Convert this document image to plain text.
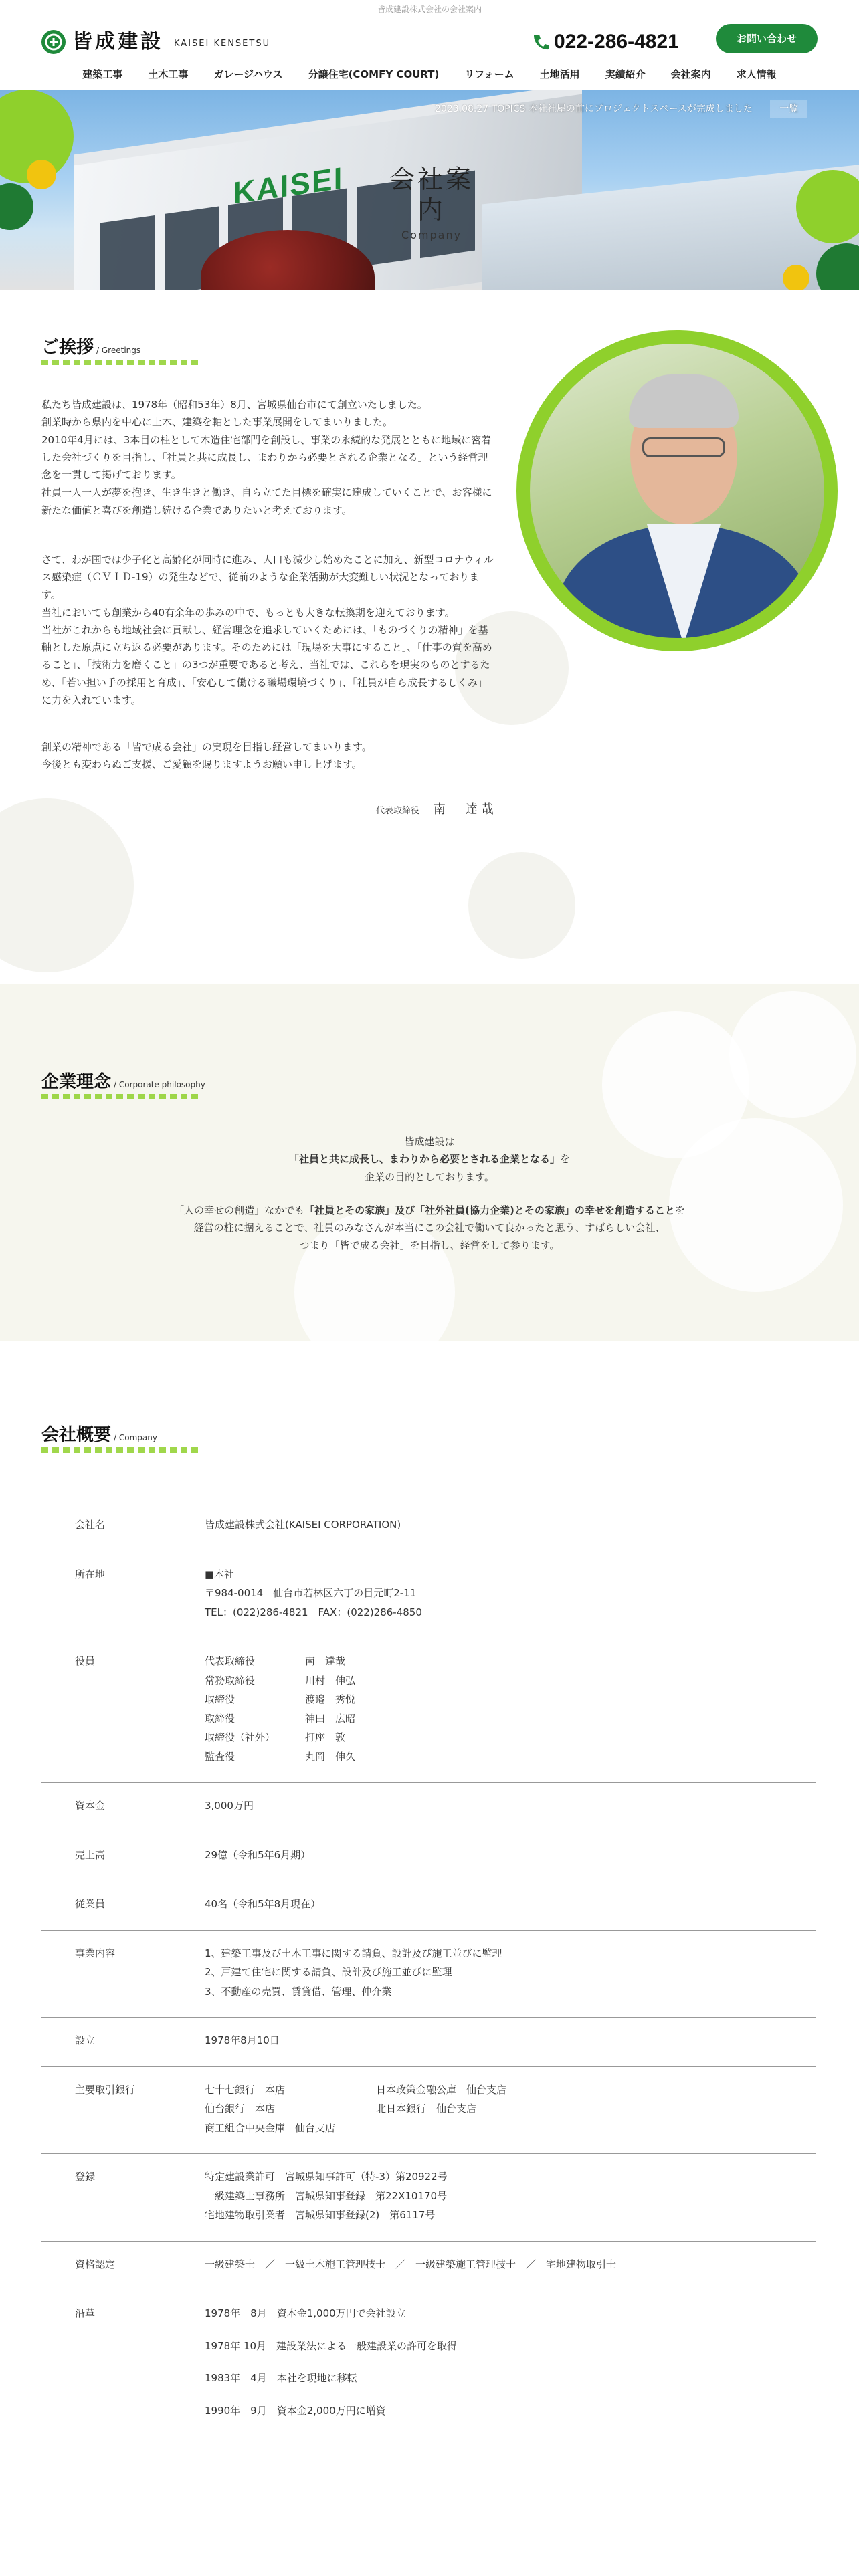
皆成建設株式会社の会社案内
皆成建設 KAISEI KENSETSU	022-286-4821	お問い合わせ
建築工事	土木工事	ガレージハウス	分譲住宅(COMFY COURT)	リフォーム	土地活用	実績紹介	会社案内	求人情報
KAISEI
2023.08.27 TOPICS 本社社屋の前にプロジェクトスペースが完成しました	一覧
会社案内
Company
ご挨拶 / Greetings

私たち皆成建設は、1978年（昭和53年）8月、宮城県仙台市にて創立いたしました。
創業時から県内を中心に土木、建築を軸とした事業展開をしてまいりました。
2010年4月には、3本目の柱として木造住宅部門を創設し、事業の永続的な発展とともに地域に密着した会社づくりを目指し、「社員と共に成長し、まわりから必要とされる企業となる」という経営理念を一貫して掲げております。
社員一人一人が夢を抱き、生き生きと働き、自ら立てた目標を確実に達成していくことで、お客様に新たな価値と喜びを創造し続ける企業でありたいと考えております。

さて、わが国では少子化と高齢化が同時に進み、人口も減少し始めたことに加え、新型コロナウィルス感染症（ＣＶＩＤ-19）の発生などで、従前のような企業活動が大変難しい状況となっております。
当社においても創業から40有余年の歩みの中で、もっとも大きな転換期を迎えております。
当社がこれからも地域社会に貢献し、経営理念を追求していくためには、「ものづくりの精神」を基軸とした原点に立ち返る必要があります。そのためには「現場を大事にすること」、「仕事の質を高めること」、「技術力を磨くこと」の3つが重要であると考え、当社では、これらを現実のものとするため、「若い担い手の採用と育成」、「安心して働ける職場環境づくり」、「社員が自ら成長するしくみ」に力を入れています。

創業の精神である「皆で成る会社」の実現を目指し経営してまいります。
今後とも変わらぬご支援、ご愛顧を賜りますようお願い申し上げます。

代表取締役 南　達哉
企業理念 / Corporate philosophy

皆成建設は
「社員と共に成長し、まわりから必要とされる企業となる」を
企業の目的としております。

「人の幸せの創造」なかでも「社員とその家族」及び「社外社員(協力企業)とその家族」の幸せを創造することを
経営の柱に据えることで、社員のみなさんが本当にこの会社で働いて良かったと思う、すばらしい会社、
つまり「皆で成る会社」を目指し、経営をして参ります。

会社概要 / Company
会社名	皆成建設株式会社(KAISEI CORPORATION)
所在地	■本社
〒984-0014　仙台市若林区六丁の目元町2-11
TEL：(022)286-4821　FAX：(022)286-4850
役員	代表取締役	南　達哉
常務取締役	川村　伸弘
取締役	渡邉　秀悦
取締役	神田　広昭
取締役（社外）	打座　敦
監査役	丸岡　伸久
資本金	3,000万円
売上高	29億（令和5年6月期）
従業員	40名（令和5年8月現在）
事業内容	1、建築工事及び土木工事に関する請負、設計及び施工並びに監理
2、戸建て住宅に関する請負、設計及び施工並びに監理
3、不動産の売買、賃貸借、管理、仲介業
設立	1978年8月10日
主要取引銀行	七十七銀行　本店	日本政策金融公庫　仙台支店
仙台銀行　本店	北日本銀行　仙台支店
商工組合中央金庫　仙台支店
登録	特定建設業許可　宮城県知事許可（特-3）第20922号
一級建築士事務所　宮城県知事登録　第22X10170号
宅地建物取引業者　宮城県知事登録(2)　第6117号
資格認定	一級建築士　／　一級土木施工管理技士　／　一級建築施工管理技士　／　宅地建物取引士
沿革	1978年　8月　資本金1,000万円で会社設立

1978年 10月　建設業法による一般建設業の許可を取得

1983年　4月　本社を現地に移転

1990年　9月　資本金2,000万円に増資
